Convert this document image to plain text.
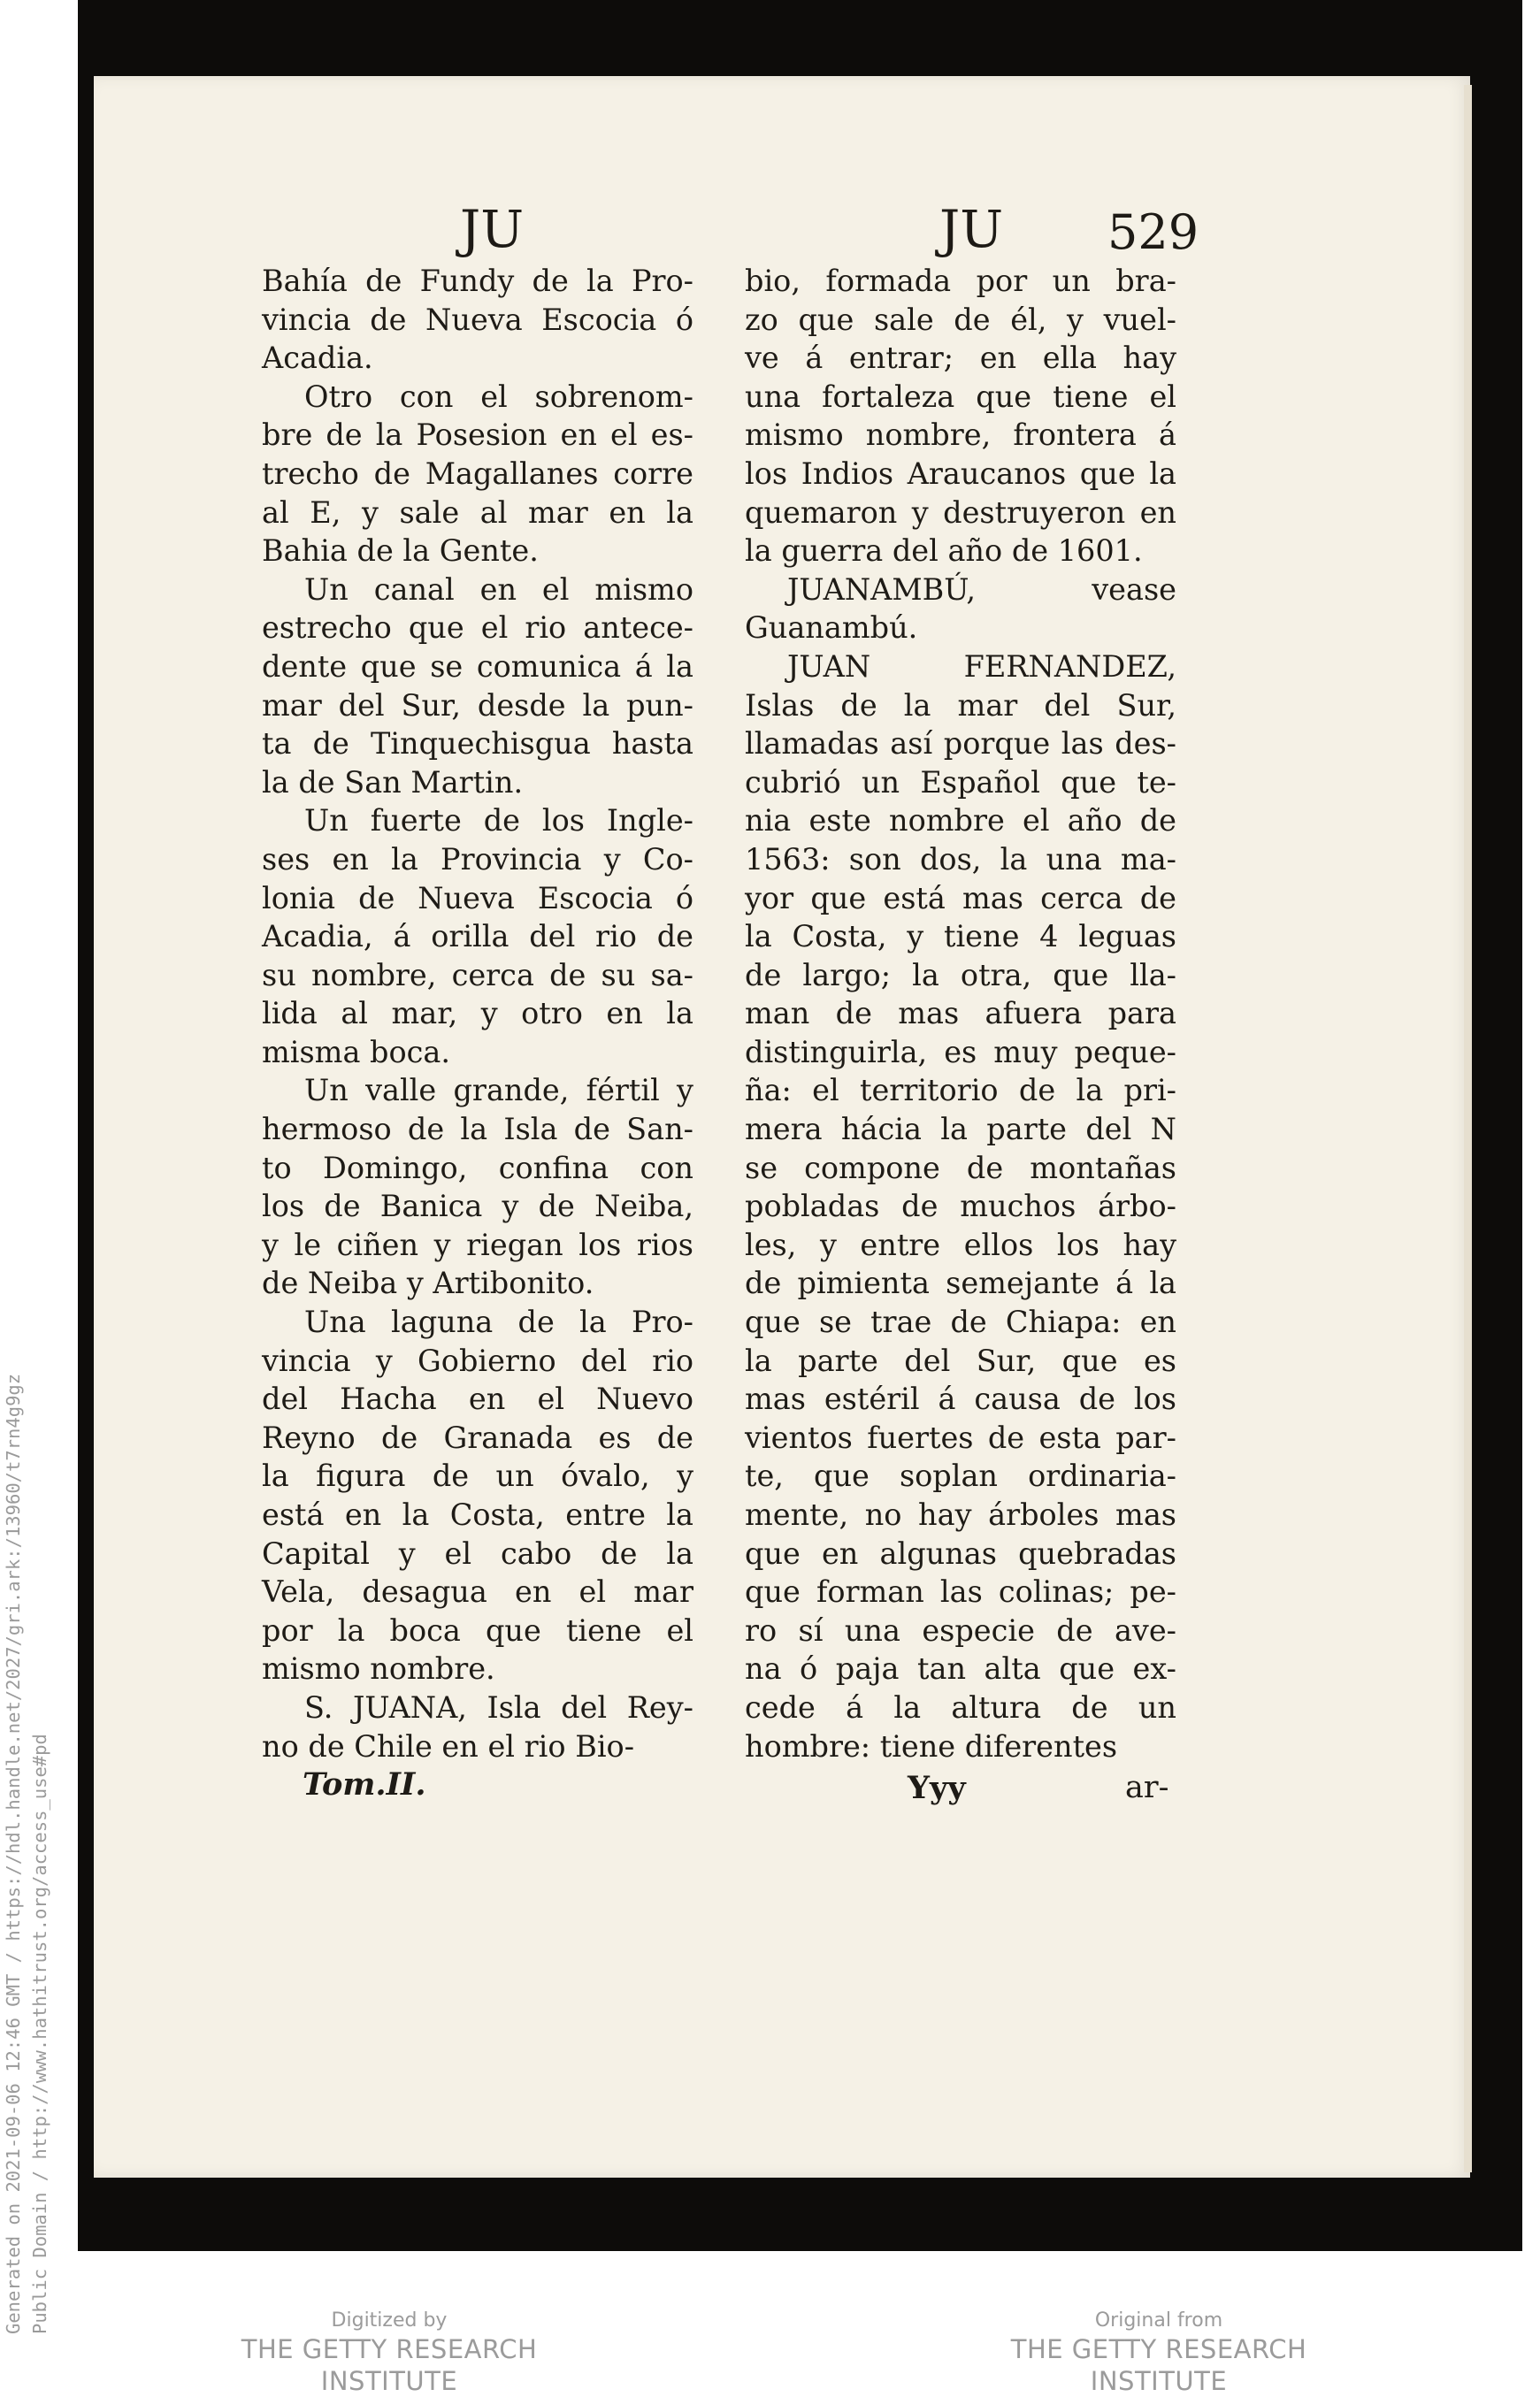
JU	JU 529

Bahía de Fundy de la Pro-
vincia de Nueva Escocia ó
Acadia.

Otro con el sobrenom-
bre de la Posesion en el es-
trecho de Magallanes corre
al E, y sale al mar en la
Bahia de la Gente.

Un canal en el mismo
estrecho que el rio antece-
dente que se comunica á la
mar del Sur, desde la pun-
ta de Tinquechisgua hasta
la de San Martin.

Un fuerte de los Ingle-
ses en la Provincia y Co-
lonia de Nueva Escocia ó
Acadia, á orilla del rio de
su nombre, cerca de su sa-
lida al mar, y otro en la
misma boca.

Un valle grande, fértil y
hermoso de la Isla de San-
to Domingo, confina con
los de Banica y de Neiba,
y le ciñen y riegan los rios
de Neiba y Artibonito.

Una laguna de la Pro-
vincia y Gobierno del rio
del Hacha en el Nuevo
Reyno de Granada es de
la figura de un óvalo, y
está en la Costa, entre la
Capital y el cabo de la
Vela, desagua en el mar
por la boca que tiene el
mismo nombre.

S. JUANA, Isla del Rey-
no de Chile en el rio Bio-

bio, formada por un bra-
zo que sale de él, y vuel-
ve á entrar; en ella hay
una fortaleza que tiene el
mismo nombre, frontera á
los Indios Araucanos que la
quemaron y destruyeron en
la guerra del año de 1601.

JUANAMBÚ, vease
Guanambú.

JUAN FERNANDEZ,
Islas de la mar del Sur,
llamadas así porque las des-
cubrió un Español que te-
nia este nombre el año de
1563: son dos, la una ma-
yor que está mas cerca de
la Costa, y tiene 4 leguas
de largo; la otra, que lla-
man de mas afuera para
distinguirla, es muy peque-
ña: el territorio de la pri-
mera hácia la parte del N
se compone de montañas
pobladas de muchos árbo-
les, y entre ellos los hay
de pimienta semejante á la
que se trae de Chiapa: en
la parte del Sur, que es
mas estéril á causa de los
vientos fuertes de esta par-
te, que soplan ordinaria-
mente, no hay árboles mas
que en algunas quebradas
que forman las colinas; pe-
ro sí una especie de ave-
na ó paja tan alta que ex-
cede á la altura de un
hombre: tiene diferentes

Tom.II.	Yyy	ar-
Generated on 2021-09-06 12:46 GMT / https://hdl.handle.net/2027/gri.ark:/13960/t7rn4g9gz Public Domain / http://www.hathitrust.org/access_use#pd	Digitized by
THE GETTY RESEARCH INSTITUTE
Original from
THE GETTY RESEARCH INSTITUTE
